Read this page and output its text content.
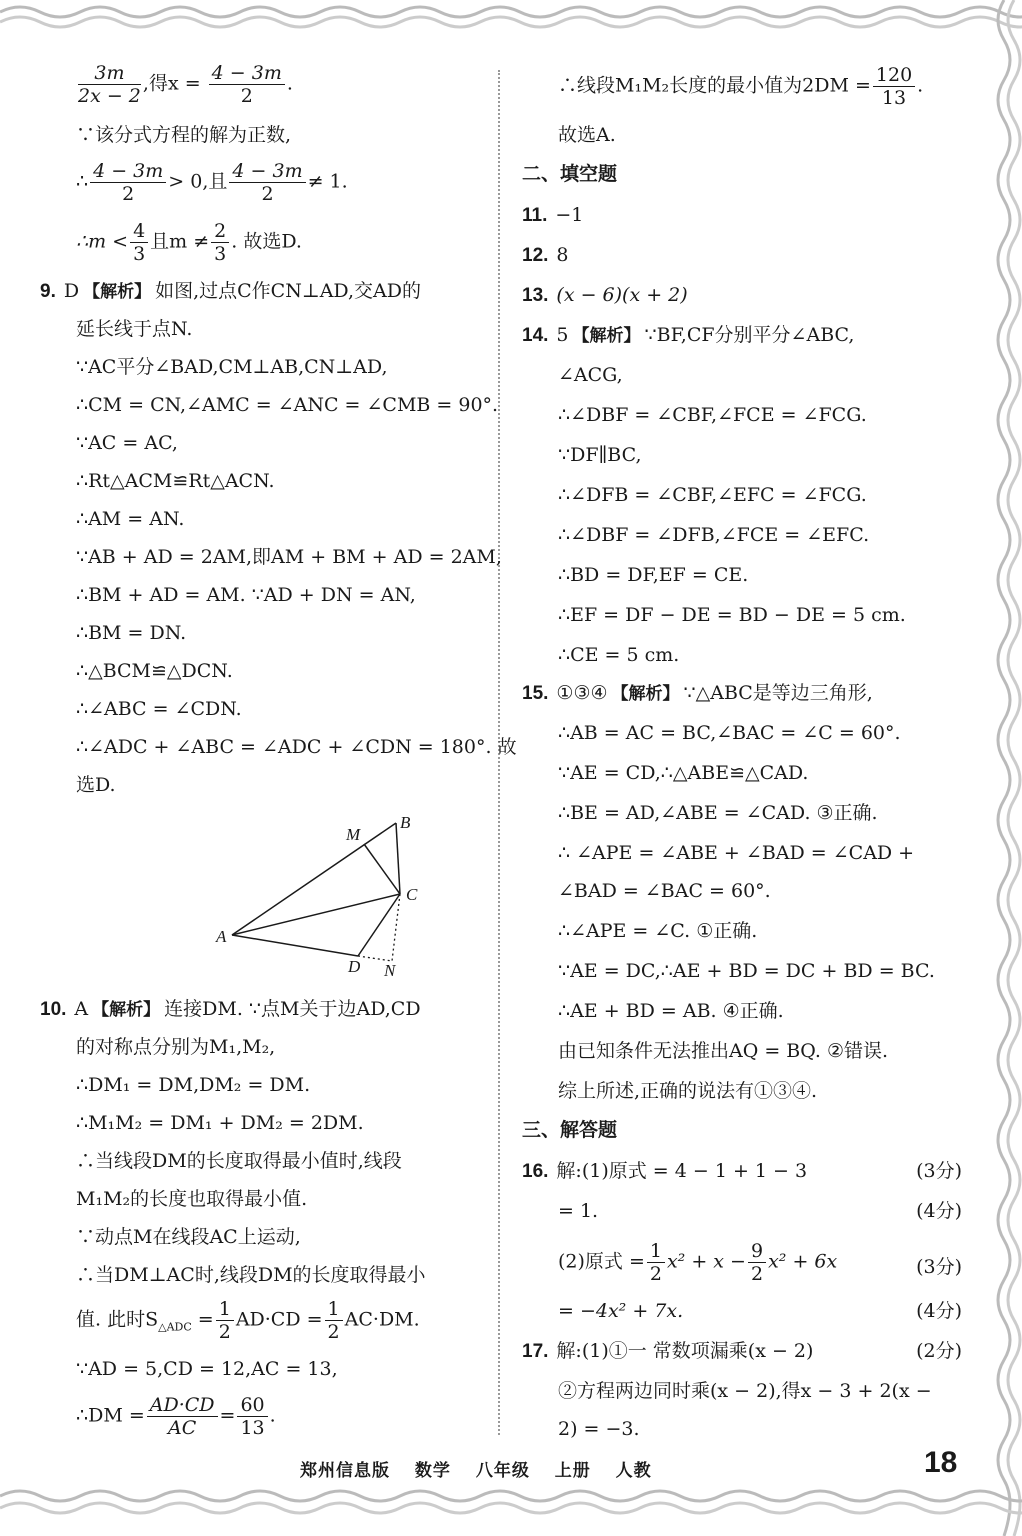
$\frac{3m}{2x - 2}$ ,得$x = \frac{4 - 3m}{2}$ .
∵该分式方程的解为正数,
∴ $\frac{4 - 3m}{2} > 0$,且 $\frac{4 - 3m}{2} \ne 1$.
∴m < $\frac{4}{3}$ 且$m \ne \frac{2}{3}$ . 故选D.
9. D 【解析】 如图,过点C作CN⊥AD,交AD的
延长线于点N.
∵AC平分∠BAD,CM⊥AB,CN⊥AD,
∴CM = CN,∠AMC = ∠ANC = ∠CMB = 90°.
∵AC = AC,
∴Rt△ACM≌Rt△ACN.
∴AM = AN.
∵AB + AD = 2AM,即AM + BM + AD = 2AM,
∴BM + AD = AM. ∵AD + DN = AN,
∴BM = DN.
∴△BCM≌△DCN.
∴∠ABC = ∠CDN.
∴∠ADC + ∠ABC = ∠ADC + ∠CDN = 180°. 故
选D.
M
B
C
A
D N
10. A 【解析】 连接DM. ∵点M关于边AD,CD
的对称点分别为M₁,M₂,
∴DM₁ = DM,DM₂ = DM.
∴M₁M₂ = DM₁ + DM₂ = 2DM.
∴当线段DM的长度取得最小值时,线段
M₁M₂的长度也取得最小值.
∵动点M在线段AC上运动,
∴当DM⊥AC时,线段DM的长度取得最小
值. 此时$S_{\triangle ADC} = \frac{1}{2} AD\cdot CD = \frac{1}{2} AC\cdot DM$.
∵AD = 5,CD = 12,AC = 13,
∴DM = $\frac{AD\cdot CD}{AC} = \frac{60}{13}$ .
∴线段M₁M₂长度的最小值为$2DM = \frac{120}{13}$ .
故选A.
二、填空题
11. −1
12. 8
13. (x − 6)(x + 2)
14. 5 【解析】 ∵BF,CF分别平分∠ABC,
∠ACG,
∴∠DBF = ∠CBF,∠FCE = ∠FCG.
∵DF∥BC,
∴∠DFB = ∠CBF,∠EFC = ∠FCG.
∴∠DBF = ∠DFB,∠FCE = ∠EFC.
∴BD = DF,EF = CE.
∴EF = DF − DE = BD − DE = 5 cm.
∴CE = 5 cm.
15. ①③④ 【解析】 ∵△ABC是等边三角形,
∴AB = AC = BC,∠BAC = ∠C = 60°.
∵AE = CD,∴△ABE≌△CAD.
∴BE = AD,∠ABE = ∠CAD. ③正确.
∴ ∠APE = ∠ABE + ∠BAD = ∠CAD +
∠BAD = ∠BAC = 60°.
∴∠APE = ∠C. ①正确.
∵AE = DC,∴AE + BD = DC + BD = BC.
∴AE + BD = AB. ④正确.
由已知条件无法推出AQ = BQ. ②错误.
综上所述,正确的说法有①③④.
三、解答题
16. 解:(1)原式 = 4 − 1 + 1 − 3	(3分)
= 1.	(4分)
(2)原式 = $\frac{1}{2} x^2 + x - \frac{9}{2} x^2 + 6x$	(3分)
= −4x² + 7x.	(4分)
17. 解:(1)①一 常数项漏乘(x − 2)	(2分)
②方程两边同时乘(x − 2),得x − 3 + 2(x −
2) = −3.
郑州信息版 数学 八年级 上册 人教	18
